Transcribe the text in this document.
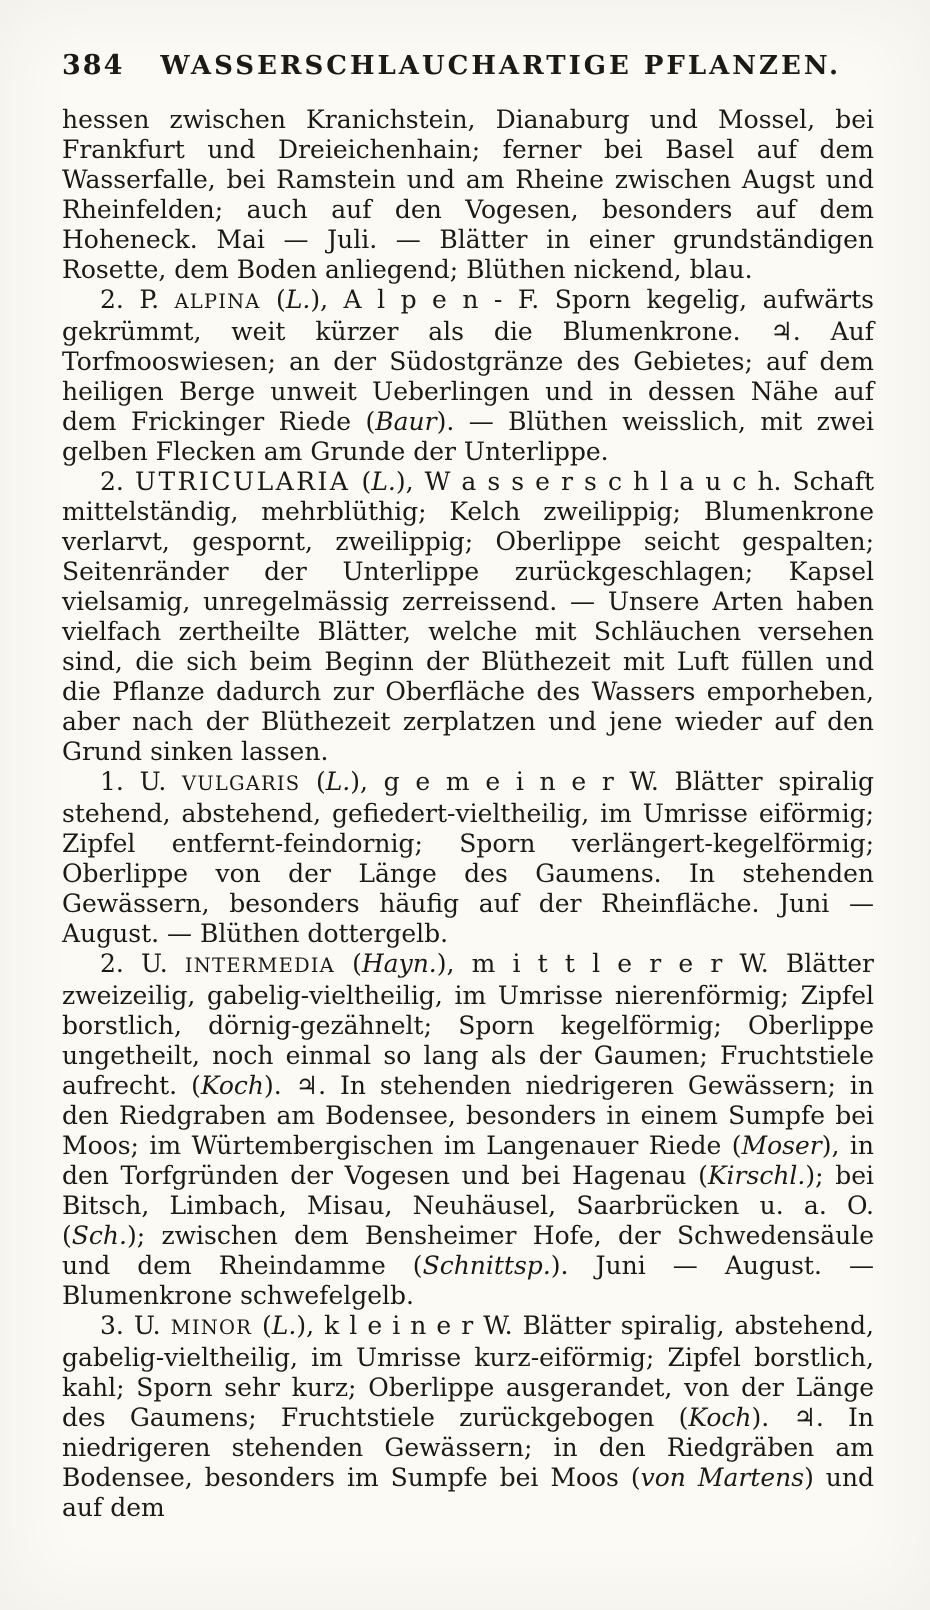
384 WASSERSCHLAUCHARTIGE PFLANZEN.

hessen zwischen Kranichstein, Dianaburg und Mossel, bei Frankfurt und Dreieichenhain; ferner bei Basel auf dem Wasserfalle, bei Ramstein und am Rheine zwischen Augst und Rheinfelden; auch auf den Vogesen, besonders auf dem Hoheneck. Mai — Juli. — Blätter in einer grundständigen Rosette, dem Boden anliegend; Blüthen nickend, blau.

2. P. ALPINA (L.), A l p e n - F. Sporn kegelig, aufwärts gekrümmt, weit kürzer als die Blumenkrone. ♃. Auf Torfmooswiesen; an der Südostgränze des Gebietes; auf dem heiligen Berge unweit Ueberlingen und in dessen Nähe auf dem Frickinger Riede (Baur). — Blüthen weisslich, mit zwei gelben Flecken am Grunde der Unterlippe.

2. UTRICULARIA (L.), W a s s e r s c h l a u c h. Schaft mittelständig, mehrblüthig; Kelch zweilippig; Blumenkrone verlarvt, gespornt, zweilippig; Oberlippe seicht gespalten; Seitenränder der Unterlippe zurückgeschlagen; Kapsel vielsamig, unregelmässig zerreissend. — Unsere Arten haben vielfach zertheilte Blätter, welche mit Schläuchen versehen sind, die sich beim Beginn der Blüthezeit mit Luft füllen und die Pflanze dadurch zur Oberfläche des Wassers emporheben, aber nach der Blüthezeit zerplatzen und jene wieder auf den Grund sinken lassen.

1. U. VULGARIS (L.), g e m e i n e r W. Blätter spiralig stehend, abstehend, gefiedert-vieltheilig, im Umrisse eiförmig; Zipfel entfernt-feindornig; Sporn verlängert-kegelförmig; Oberlippe von der Länge des Gaumens. In stehenden Gewässern, besonders häufig auf der Rheinfläche. Juni — August. — Blüthen dottergelb.

2. U. INTERMEDIA (Hayn.), m i t t l e r e r W. Blätter zweizeilig, gabelig-vieltheilig, im Umrisse nierenförmig; Zipfel borstlich, dörnig-gezähnelt; Sporn kegelförmig; Oberlippe ungetheilt, noch einmal so lang als der Gaumen; Fruchtstiele aufrecht. (Koch). ♃. In stehenden niedrigeren Gewässern; in den Riedgraben am Bodensee, besonders in einem Sumpfe bei Moos; im Würtembergischen im Langenauer Riede (Moser), in den Torfgründen der Vogesen und bei Hagenau (Kirschl.); bei Bitsch, Limbach, Misau, Neuhäusel, Saarbrücken u. a. O. (Sch.); zwischen dem Bensheimer Hofe, der Schwedensäule und dem Rheindamme (Schnittsp.). Juni — August. — Blumenkrone schwefelgelb.

3. U. MINOR (L.), k l e i n e r W. Blätter spiralig, abstehend, gabelig-vieltheilig, im Umrisse kurz-eiförmig; Zipfel borstlich, kahl; Sporn sehr kurz; Oberlippe ausgerandet, von der Länge des Gaumens; Fruchtstiele zurückgebogen (Koch). ♃. In niedrigeren stehenden Gewässern; in den Riedgräben am Bodensee, besonders im Sumpfe bei Moos (von Martens) und auf dem
